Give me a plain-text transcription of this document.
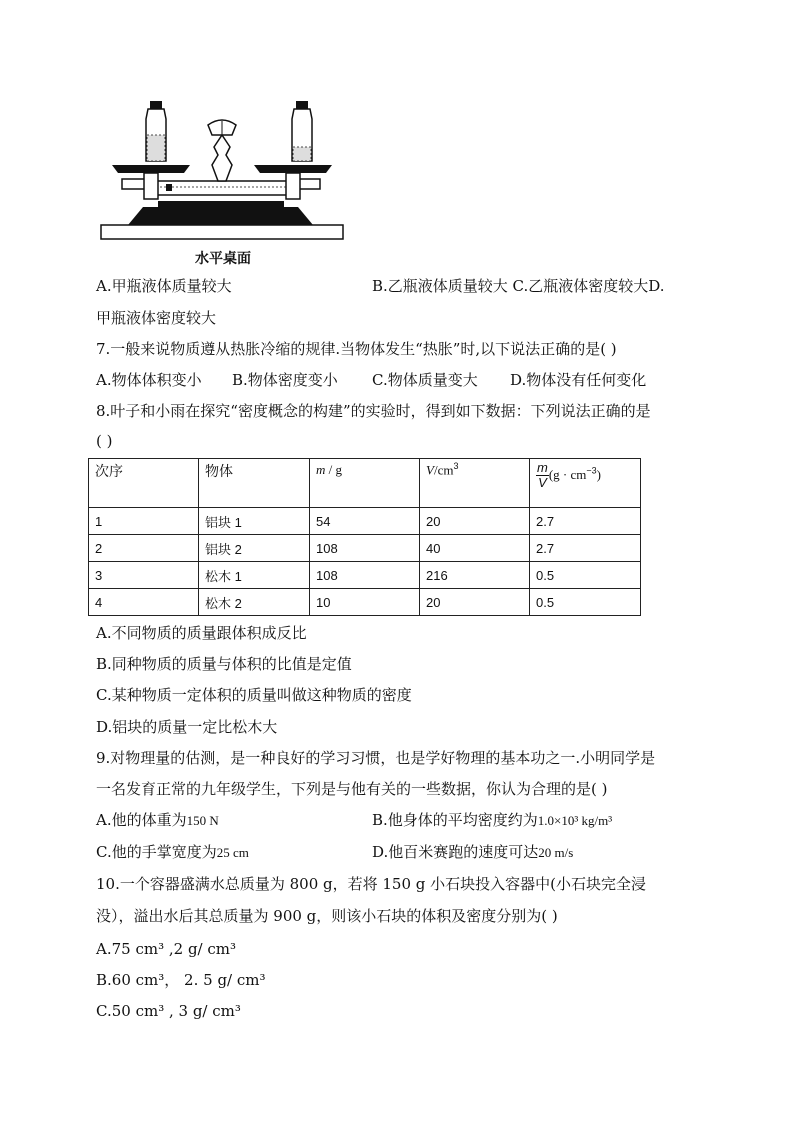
水平桌面
A.甲瓶液体质量较大	B.乙瓶液体质量较大 C.乙瓶液体密度较大D.
甲瓶液体密度较大
7.一般来说物质遵从热胀冷缩的规律.当物体发生“热胀”时,以下说法正确的是( )
A.物体体积变小 B.物体密度变小 C.物体质量变大 D.物体没有任何变化
8.叶子和小雨在探究“密度概念的构建”的实验时，得到如下数据：下列说法正确的是
( )
次序	物体	m / g	$V/cm^3$	$\frac{m}{V} (g \cdot cm^{-3})$
1	铝块 1	54	20	2.7
2	铝块 2	108	40	2.7
3	松木 1	108	216	0.5
4	松木 2	10	20	0.5
A.不同物质的质量跟体积成反比
B.同种物质的质量与体积的比值是定值
C.某种物质一定体积的质量叫做这种物质的密度
D.铝块的质量一定比松木大
9.对物理量的估测，是一种良好的学习习惯，也是学好物理的基本功之一.小明同学是
一名发育正常的九年级学生，下列是与他有关的一些数据，你认为合理的是( )
A.他的体重为150 N	B.他身体的平均密度约为1.0×10³ kg/m³
C.他的手掌宽度为25 cm	D.他百米赛跑的速度可达20 m/s
10.一个容器盛满水总质量为 800 g，若将 150 g 小石块投入容器中(小石块完全浸
没），溢出水后其总质量为 900 g，则该小石块的体积及密度分别为( )
A.75 cm³ ,2 g/ cm³
B.60 cm³， 2. 5 g/ cm³
C.50 cm³ , 3 g/ cm³
